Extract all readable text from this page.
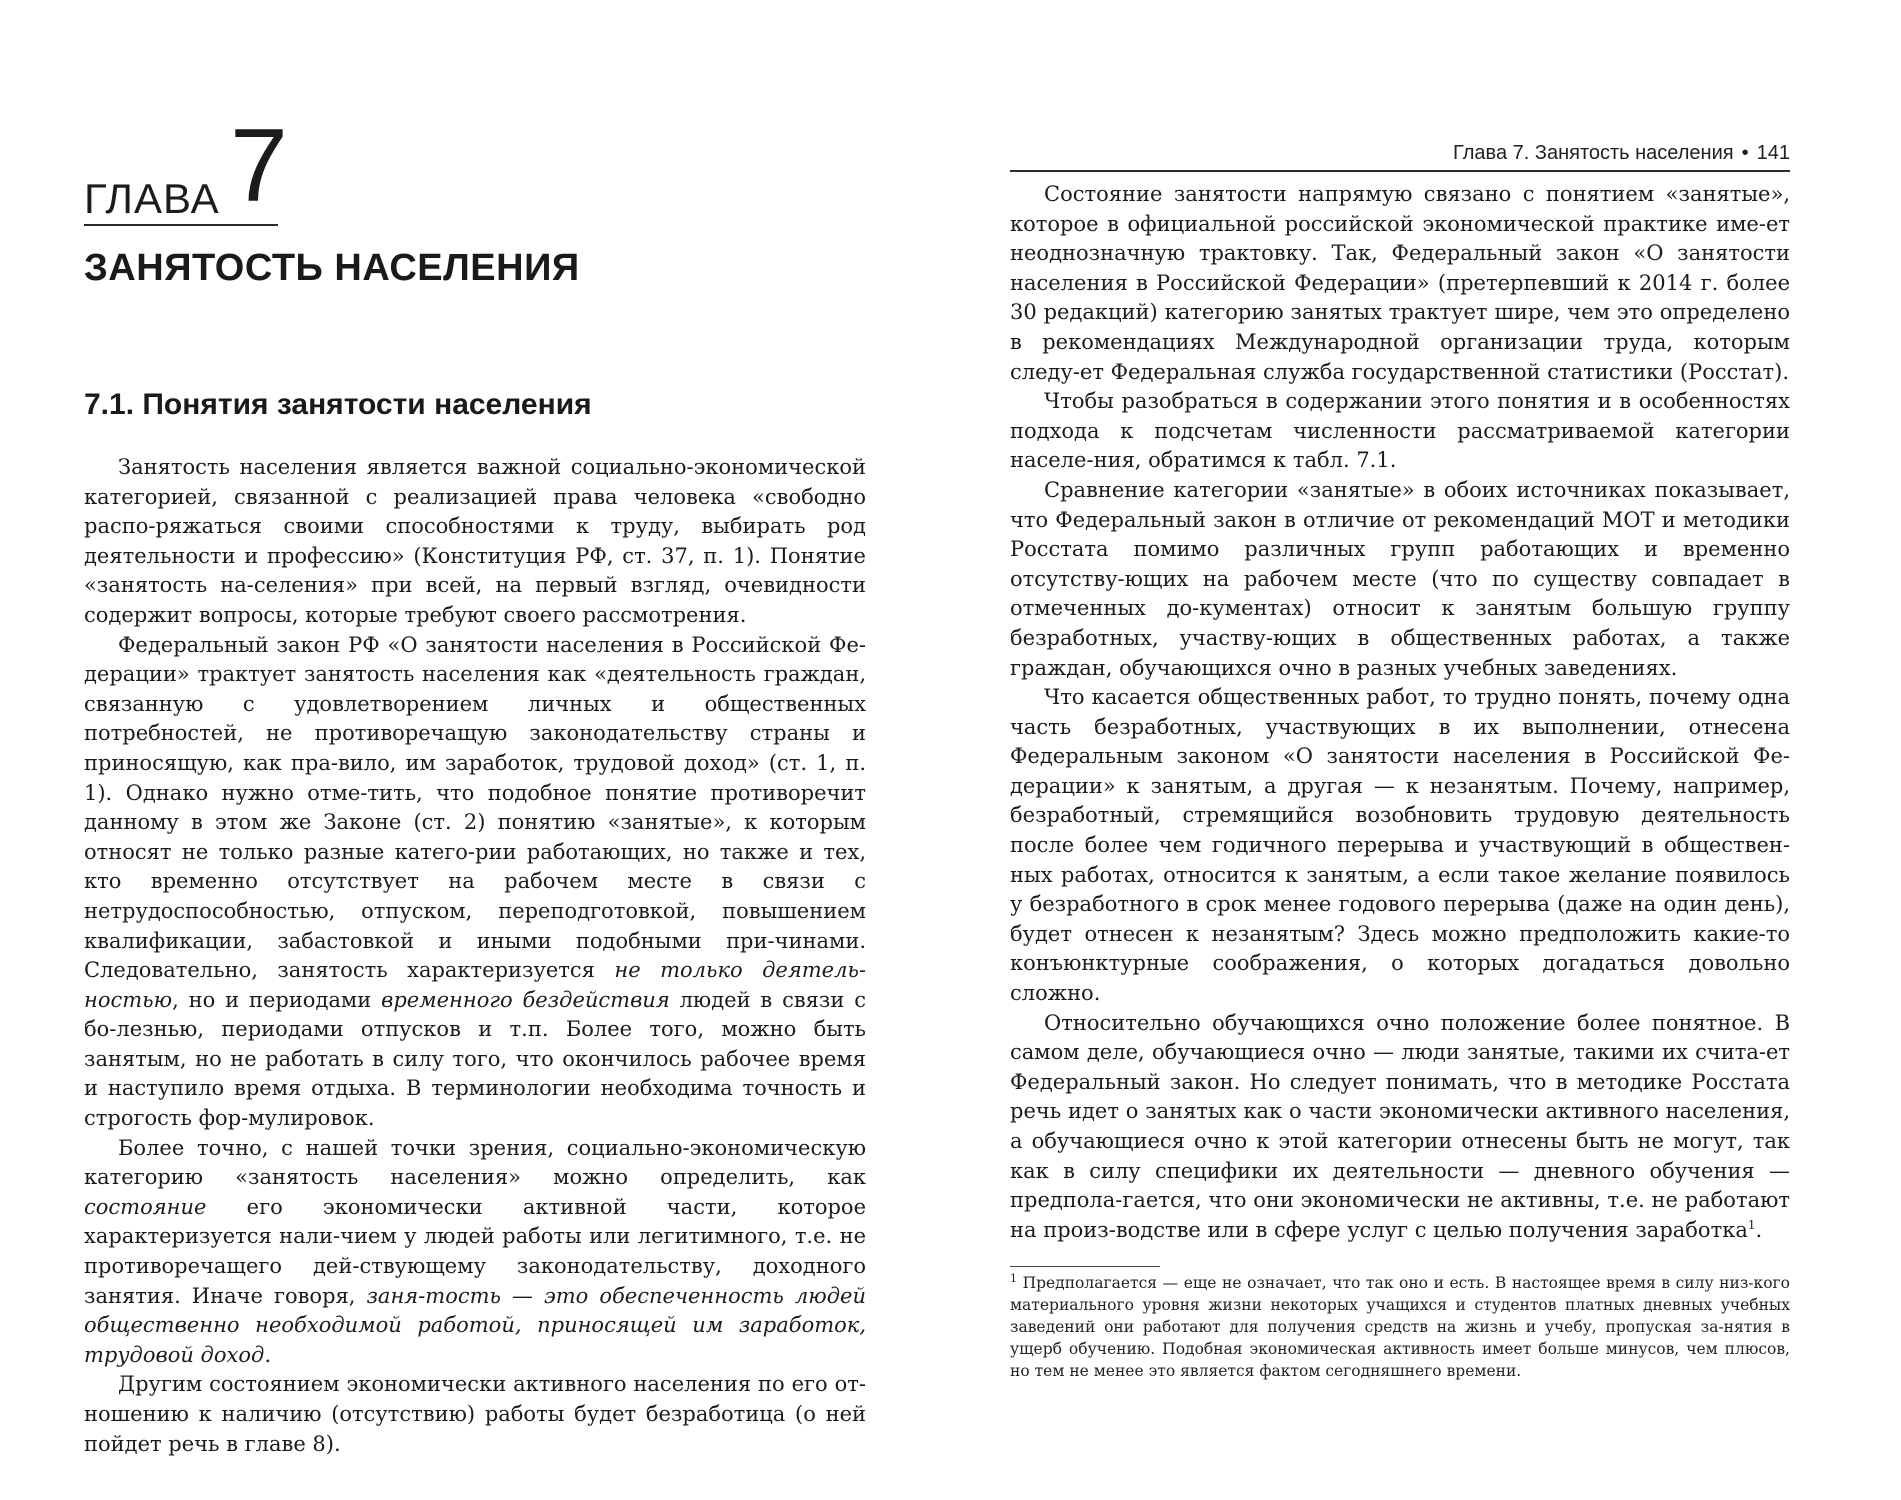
ГЛАВА 7
ЗАНЯТОСТЬ НАСЕЛЕНИЯ
7.1. Понятия занятости населения

Занятость населения является важной социально-экономической категорией, связанной с реализацией права человека «свободно распо-ряжаться своими способностями к труду, выбирать род деятельности и профессию» (Конституция РФ, ст. 37, п. 1). Понятие «занятость на-селения» при всей, на первый взгляд, очевидности содержит вопросы, которые требуют своего рассмотрения.

Федеральный закон РФ «О занятости населения в Российской Фе-дерации» трактует занятость населения как «деятельность граждан, связанную с удовлетворением личных и общественных потребностей, не противоречащую законодательству страны и приносящую, как пра-вило, им заработок, трудовой доход» (ст. 1, п. 1). Однако нужно отме-тить, что подобное понятие противоречит данному в этом же Законе (ст. 2) понятию «занятые», к которым относят не только разные катего-рии работающих, но также и тех, кто временно отсутствует на рабочем месте в связи с нетрудоспособностью, отпуском, переподготовкой, повышением квалификации, забастовкой и иными подобными при-чинами. Следовательно, занятость характеризуется не только деятель-ностью, но и периодами временного бездействия людей в связи с бо-лезнью, периодами отпусков и т.п. Более того, можно быть занятым, но не работать в силу того, что окончилось рабочее время и наступило время отдыха. В терминологии необходима точность и строгость фор-мулировок.

Более точно, с нашей точки зрения, социально-экономическую категорию «занятость населения» можно определить, как состояние его экономически активной части, которое характеризуется нали-чием у людей работы или легитимного, т.е. не противоречащего дей-ствующему законодательству, доходного занятия. Иначе говоря, заня-тость — это обеспеченность людей общественно необходимой работой, приносящей им заработок, трудовой доход.

Другим состоянием экономически активного населения по его от-ношению к наличию (отсутствию) работы будет безработица (о ней пойдет речь в главе 8).

Глава 7. Занятость населения • 141

Состояние занятости напрямую связано с понятием «занятые», которое в официальной российской экономической практике име-ет неоднозначную трактовку. Так, Федеральный закон «О занятости населения в Российской Федерации» (претерпевший к 2014 г. более 30 редакций) категорию занятых трактует шире, чем это определено в рекомендациях Международной организации труда, которым следу-ет Федеральная служба государственной статистики (Росстат).

Чтобы разобраться в содержании этого понятия и в особенностях подхода к подсчетам численности рассматриваемой категории населе-ния, обратимся к табл. 7.1.

Сравнение категории «занятые» в обоих источниках показывает, что Федеральный закон в отличие от рекомендаций МОТ и методики Росстата помимо различных групп работающих и временно отсутству-ющих на рабочем месте (что по существу совпадает в отмеченных до-кументах) относит к занятым большую группу безработных, участву-ющих в общественных работах, а также граждан, обучающихся очно в разных учебных заведениях.

Что касается общественных работ, то трудно понять, почему одна часть безработных, участвующих в их выполнении, отнесена Федеральным законом «О занятости населения в Российской Фе-дерации» к занятым, а другая — к незанятым. Почему, например, безработный, стремящийся возобновить трудовую деятельность после более чем годичного перерыва и участвующий в обществен-ных работах, относится к занятым, а если такое желание появилось у безработного в срок менее годового перерыва (даже на один день), будет отнесен к незанятым? Здесь можно предположить какие-то конъюнктурные соображения, о которых догадаться довольно сложно.

Относительно обучающихся очно положение более понятное. В самом деле, обучающиеся очно — люди занятые, такими их счита-ет Федеральный закон. Но следует понимать, что в методике Росстата речь идет о занятых как о части экономически активного населения, а обучающиеся очно к этой категории отнесены быть не могут, так как в силу специфики их деятельности — дневного обучения — предпола-гается, что они экономически не активны, т.е. не работают на произ-водстве или в сфере услуг с целью получения заработка$^1$.

$^1$ Предполагается — еще не означает, что так оно и есть. В настоящее время в силу низ-кого материального уровня жизни некоторых учащихся и студентов платных дневных учебных заведений они работают для получения средств на жизнь и учебу, пропуская за-нятия в ущерб обучению. Подобная экономическая активность имеет больше минусов, чем плюсов, но тем не менее это является фактом сегодняшнего времени.
